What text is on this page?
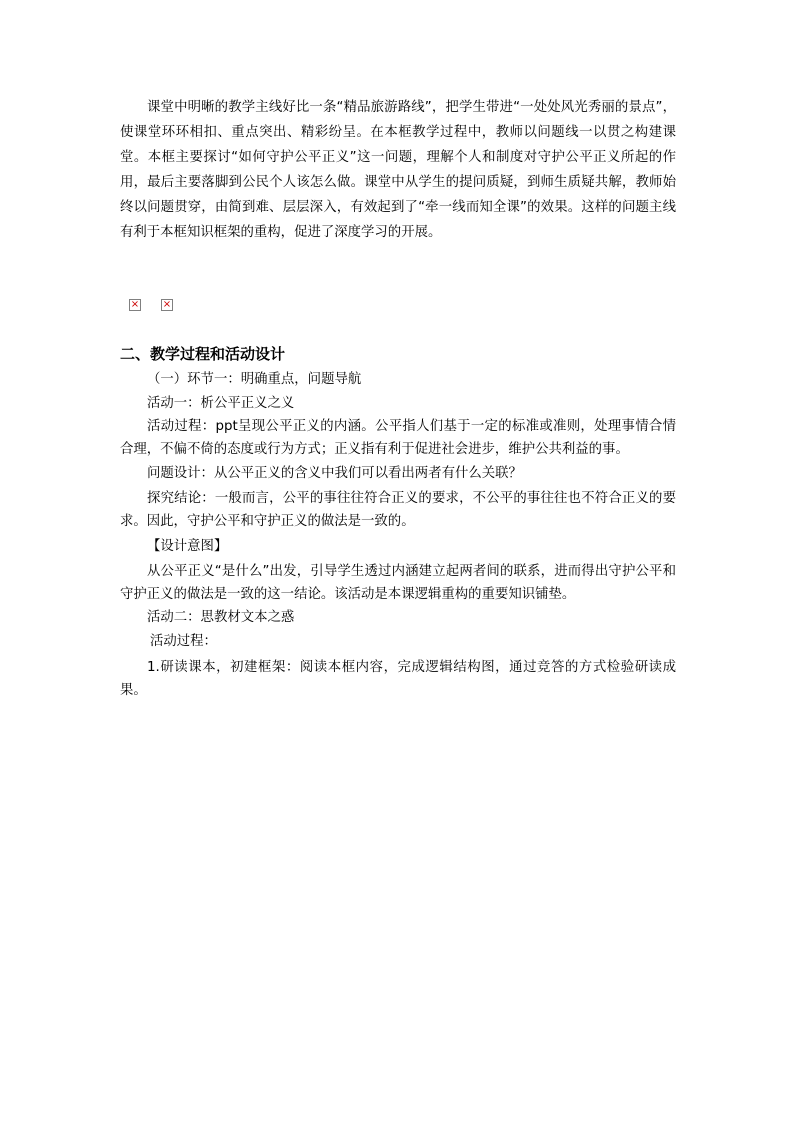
课堂中明晰的教学主线好比一条“精品旅游路线”，把学生带进“一处处风光秀丽的景点”，使课堂环环相扣、重点突出、精彩纷呈。在本框教学过程中，教师以问题线一以贯之构建课堂。本框主要探讨“如何守护公平正义”这一问题，理解个人和制度对守护公平正义所起的作用，最后主要落脚到公民个人该怎么做。课堂中从学生的提问质疑，到师生质疑共解，教师始终以问题贯穿，由简到难、层层深入，有效起到了“牵一线而知全课”的效果。这样的问题主线有利于本框知识框架的重构，促进了深度学习的开展。

× ×

二、教学过程和活动设计

（一）环节一：明确重点，问题导航

活动一：析公平正义之义

活动过程：ppt呈现公平正义的内涵。公平指人们基于一定的标准或准则，处理事情合情合理，不偏不倚的态度或行为方式；正义指有利于促进社会进步，维护公共利益的事。

问题设计：从公平正义的含义中我们可以看出两者有什么关联？

探究结论：一般而言，公平的事往往符合正义的要求，不公平的事往往也不符合正义的要求。因此，守护公平和守护正义的做法是一致的。

【设计意图】

从公平正义“是什么”出发，引导学生透过内涵建立起两者间的联系，进而得出守护公平和守护正义的做法是一致的这一结论。该活动是本课逻辑重构的重要知识铺垫。

活动二：思教材文本之惑

活动过程：

1.研读课本，初建框架：阅读本框内容，完成逻辑结构图，通过竞答的方式检验研读成果。
